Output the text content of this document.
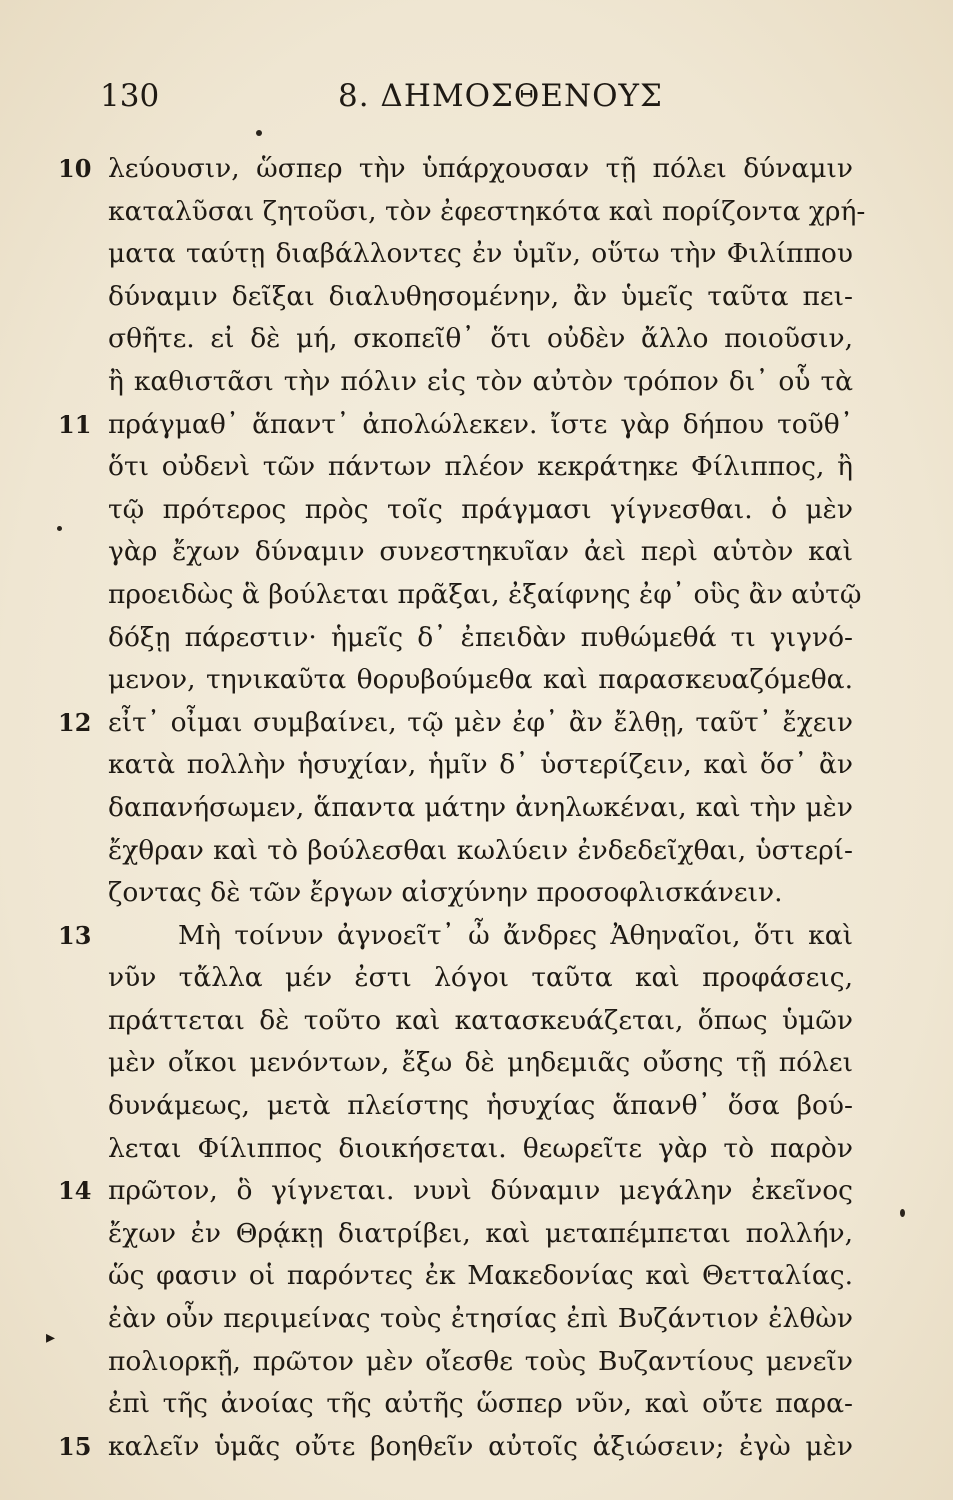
130	8. ΔΗΜΟΣΘΕΝΟΥΣ
10 λεύουσιν, ὥσπερ τὴν ὑπάρχουσαν τῇ πόλει δύναμιν
καταλῦσαι ζητοῦσι, τὸν ἐφεστηκότα καὶ πορίζοντα χρή-
ματα ταύτῃ διαβάλλοντες ἐν ὑμῖν, οὕτω τὴν Φιλίππου
δύναμιν δεῖξαι διαλυθησομένην, ἂν ὑμεῖς ταῦτα πει-
σθῆτε. εἰ δὲ μή, σκοπεῖθ᾿ ὅτι οὐδὲν ἄλλο ποιοῦσιν,
ἢ καθιστᾶσι τὴν πόλιν εἰς τὸν αὐτὸν τρόπον δι᾿ οὗ τὰ
11 πράγμαθ᾿ ἅπαντ᾿ ἀπολώλεκεν. ἴστε γὰρ δήπου τοῦθ᾿
ὅτι οὐδενὶ τῶν πάντων πλέον κεκράτηκε Φίλιππος, ἢ
τῷ πρότερος πρὸς τοῖς πράγμασι γίγνεσθαι. ὁ μὲν
γὰρ ἔχων δύναμιν συνεστηκυῖαν ἀεὶ περὶ αὑτὸν καὶ
προειδὼς ἃ βούλεται πρᾶξαι, ἐξαίφνης ἐφ᾿ οὓς ἂν αὐτῷ
δόξῃ πάρεστιν· ἡμεῖς δ᾿ ἐπειδὰν πυθώμεθά τι γιγνό-
μενον, τηνικαῦτα θορυβούμεθα καὶ παρασκευαζόμεθα.
12 εἶτ᾿ οἶμαι συμβαίνει, τῷ μὲν ἐφ᾿ ἂν ἔλθῃ, ταῦτ᾿ ἔχειν
κατὰ πολλὴν ἡσυχίαν, ἡμῖν δ᾿ ὑστερίζειν, καὶ ὅσ᾿ ἂν
δαπανήσωμεν, ἅπαντα μάτην ἀνηλωκέναι, καὶ τὴν μὲν
ἔχθραν καὶ τὸ βούλεσθαι κωλύειν ἐνδεδεῖχθαι, ὑστερί-
ζοντας δὲ τῶν ἔργων αἰσχύνην προσοφλισκάνειν.
13	Μὴ τοίνυν ἀγνοεῖτ᾿ ὦ ἄνδρες Ἀθηναῖοι, ὅτι καὶ
νῦν τἄλλα μέν ἐστι λόγοι ταῦτα καὶ προφάσεις,
πράττεται δὲ τοῦτο καὶ κατασκευάζεται, ὅπως ὑμῶν
μὲν οἴκοι μενόντων, ἔξω δὲ μηδεμιᾶς οὔσης τῇ πόλει
δυνάμεως, μετὰ πλείστης ἡσυχίας ἅπανθ᾿ ὅσα βού-
λεται Φίλιππος διοικήσεται. θεωρεῖτε γὰρ τὸ παρὸν
14 πρῶτον, ὃ γίγνεται. νυνὶ δύναμιν μεγάλην ἐκεῖνος
ἔχων ἐν Θρᾴκῃ διατρίβει, καὶ μεταπέμπεται πολλήν,
ὥς φασιν οἱ παρόντες ἐκ Μακεδονίας καὶ Θετταλίας.
ἐὰν οὖν περιμείνας τοὺς ἐτησίας ἐπὶ Βυζάντιον ἐλθὼν
πολιορκῇ, πρῶτον μὲν οἴεσθε τοὺς Βυζαντίους μενεῖν
ἐπὶ τῆς ἀνοίας τῆς αὐτῆς ὥσπερ νῦν, καὶ οὔτε παρα-
15 καλεῖν ὑμᾶς οὔτε βοηθεῖν αὐτοῖς ἀξιώσειν; ἐγὼ μὲν
▸
